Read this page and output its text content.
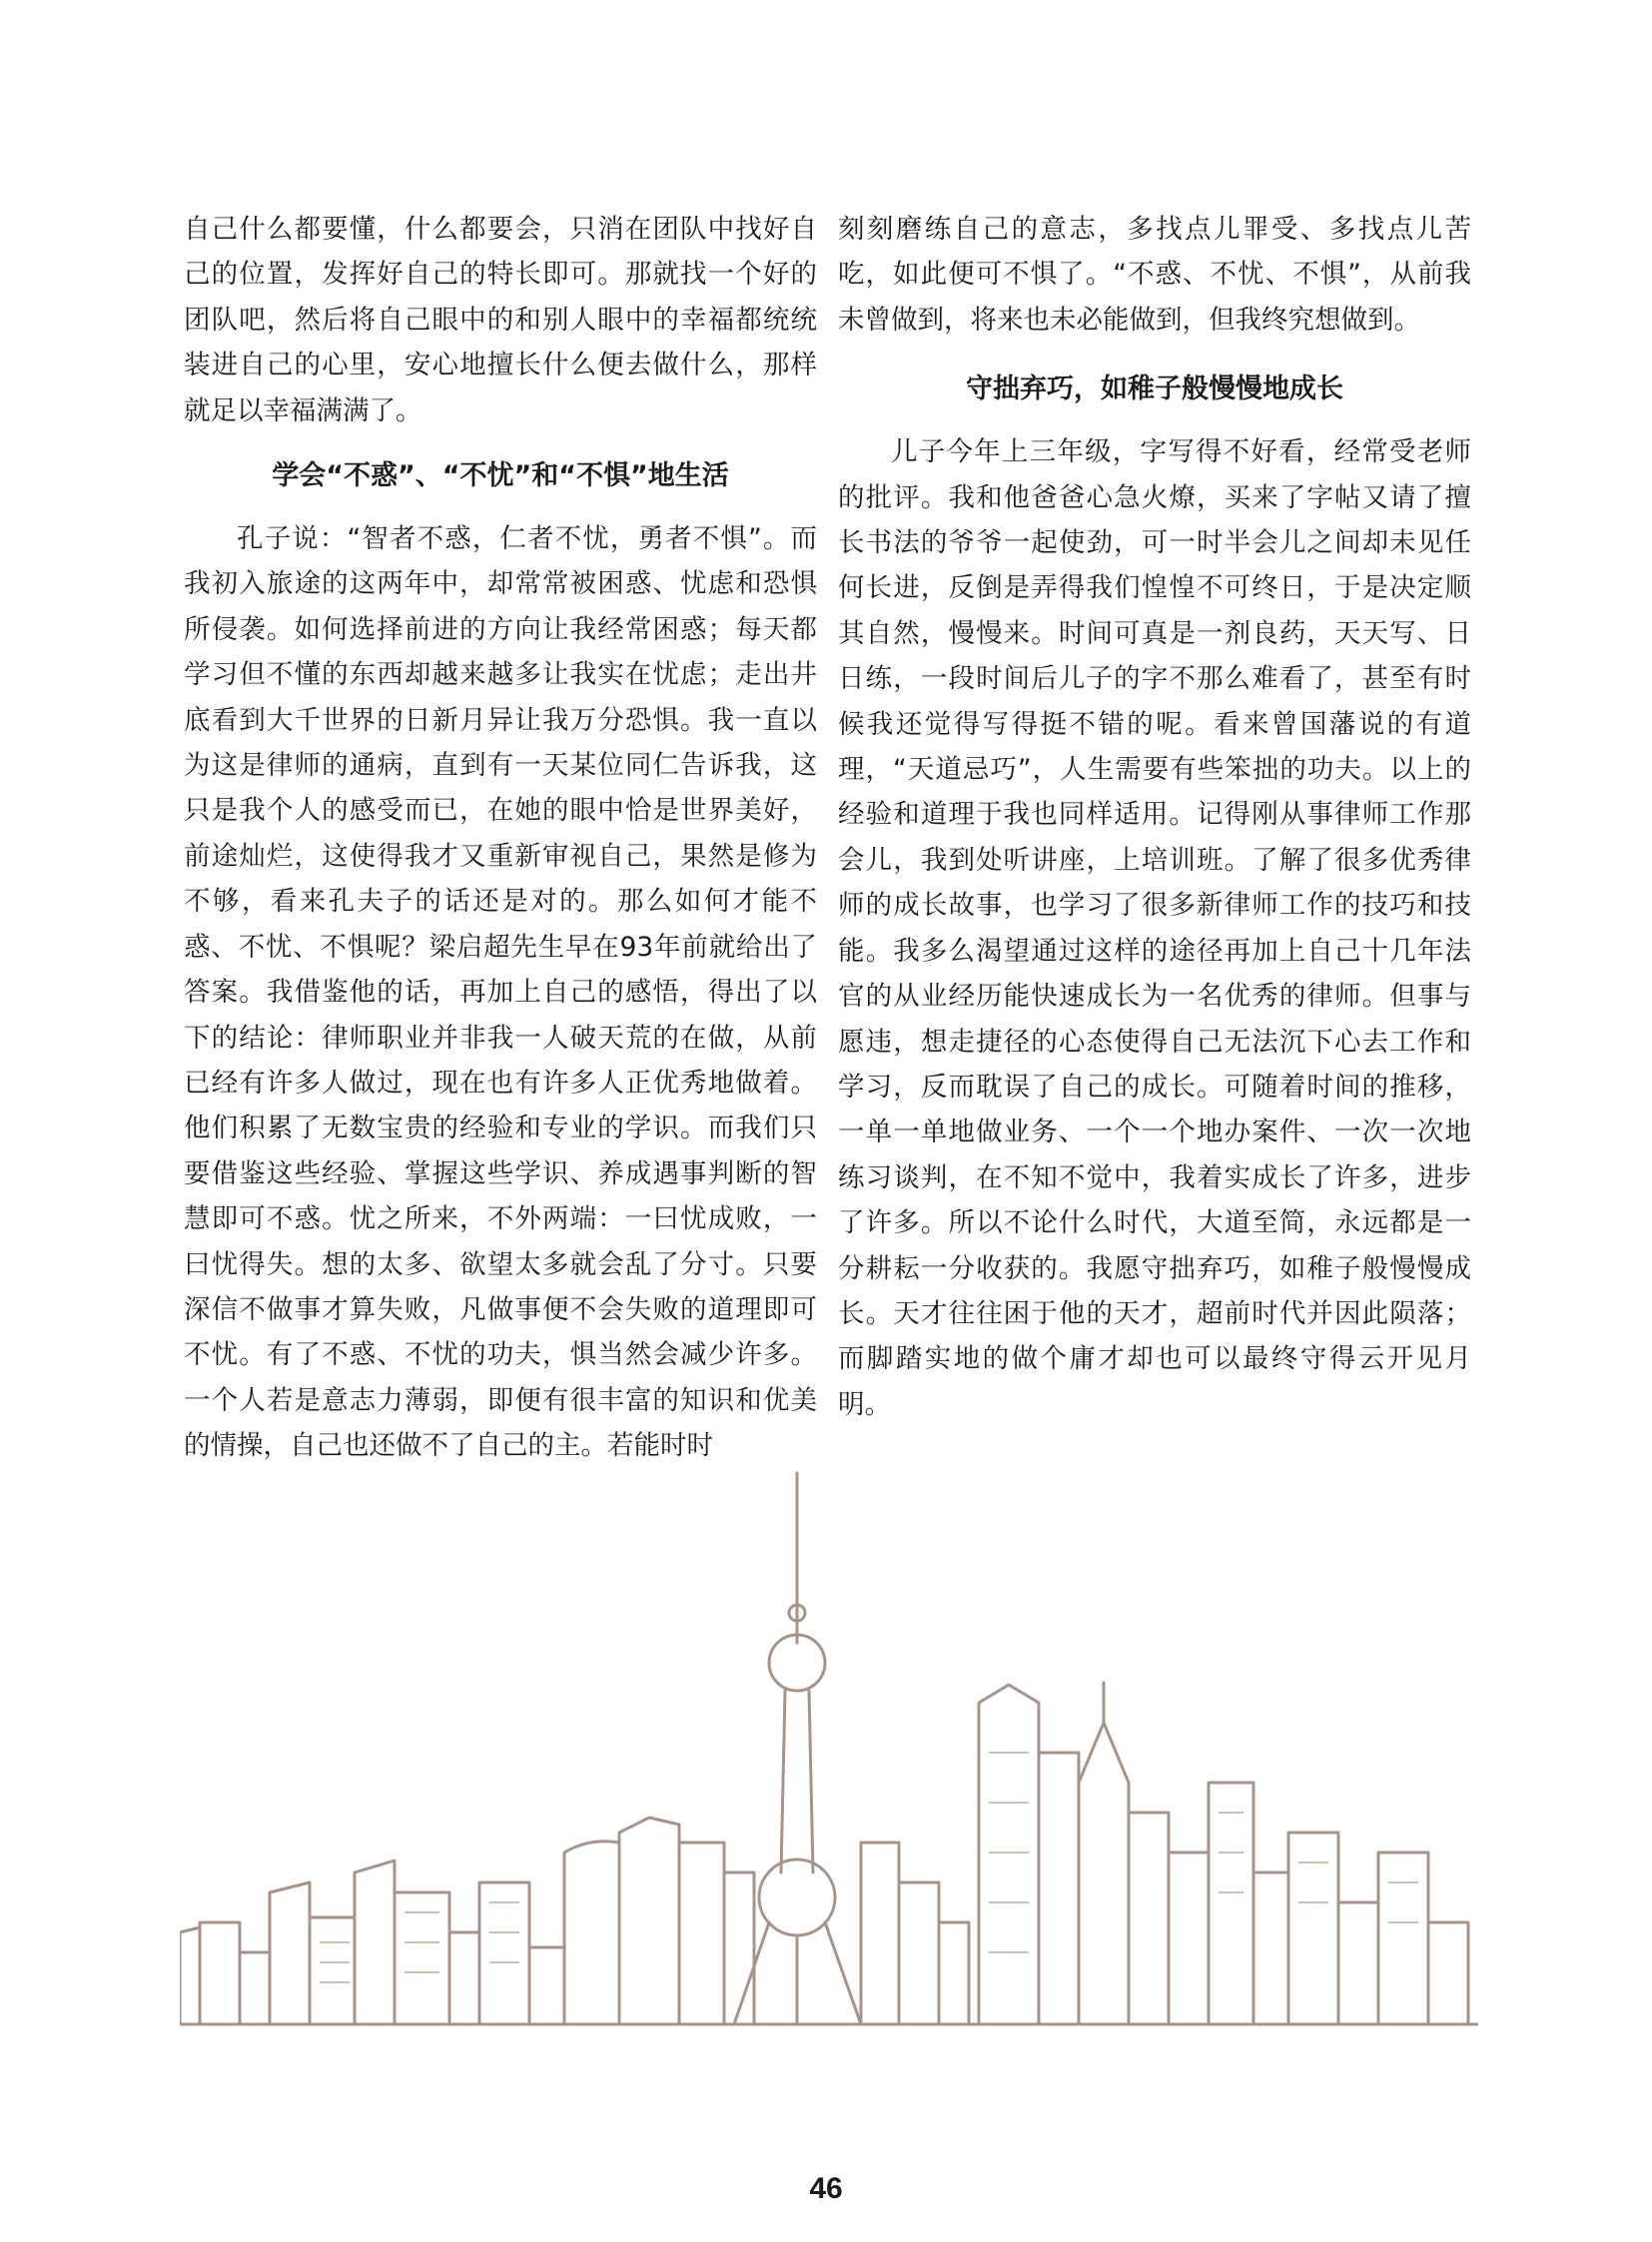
自己什么都要懂，什么都要会，只消在团队中找好自己的位置，发挥好自己的特长即可。那就找一个好的团队吧，然后将自己眼中的和别人眼中的幸福都统统装进自己的心里，安心地擅长什么便去做什么，那样就足以幸福满满了。

学会“不惑”、“不忧”和“不惧”地生活

孔子说：“智者不惑，仁者不忧，勇者不惧”。而我初入旅途的这两年中，却常常被困惑、忧虑和恐惧所侵袭。如何选择前进的方向让我经常困惑；每天都学习但不懂的东西却越来越多让我实在忧虑；走出井底看到大千世界的日新月异让我万分恐惧。我一直以为这是律师的通病，直到有一天某位同仁告诉我，这只是我个人的感受而已，在她的眼中恰是世界美好，前途灿烂，这使得我才又重新审视自己，果然是修为不够，看来孔夫子的话还是对的。那么如何才能不惑、不忧、不惧呢？梁启超先生早在93年前就给出了答案。我借鉴他的话，再加上自己的感悟，得出了以下的结论：律师职业并非我一人破天荒的在做，从前已经有许多人做过，现在也有许多人正优秀地做着。他们积累了无数宝贵的经验和专业的学识。而我们只要借鉴这些经验、掌握这些学识、养成遇事判断的智慧即可不惑。忧之所来，不外两端：一曰忧成败，一曰忧得失。想的太多、欲望太多就会乱了分寸。只要深信不做事才算失败，凡做事便不会失败的道理即可不忧。有了不惑、不忧的功夫，惧当然会减少许多。一个人若是意志力薄弱，即便有很丰富的知识和优美的情操，自己也还做不了自己的主。若能时时

刻刻磨练自己的意志，多找点儿罪受、多找点儿苦吃，如此便可不惧了。“不惑、不忧、不惧”，从前我未曾做到，将来也未必能做到，但我终究想做到。

守拙弃巧，如稚子般慢慢地成长

儿子今年上三年级，字写得不好看，经常受老师的批评。我和他爸爸心急火燎，买来了字帖又请了擅长书法的爷爷一起使劲，可一时半会儿之间却未见任何长进，反倒是弄得我们惶惶不可终日，于是决定顺其自然，慢慢来。时间可真是一剂良药，天天写、日日练，一段时间后儿子的字不那么难看了，甚至有时候我还觉得写得挺不错的呢。看来曾国藩说的有道理，“天道忌巧”，人生需要有些笨拙的功夫。以上的经验和道理于我也同样适用。记得刚从事律师工作那会儿，我到处听讲座，上培训班。了解了很多优秀律师的成长故事，也学习了很多新律师工作的技巧和技能。我多么渴望通过这样的途径再加上自己十几年法官的从业经历能快速成长为一名优秀的律师。但事与愿违，想走捷径的心态使得自己无法沉下心去工作和学习，反而耽误了自己的成长。可随着时间的推移，一单一单地做业务、一个一个地办案件、一次一次地练习谈判，在不知不觉中，我着实成长了许多，进步了许多。所以不论什么时代，大道至简，永远都是一分耕耘一分收获的。我愿守拙弃巧，如稚子般慢慢成长。天才往往困于他的天才，超前时代并因此陨落；而脚踏实地的做个庸才却也可以最终守得云开见月明。

46
